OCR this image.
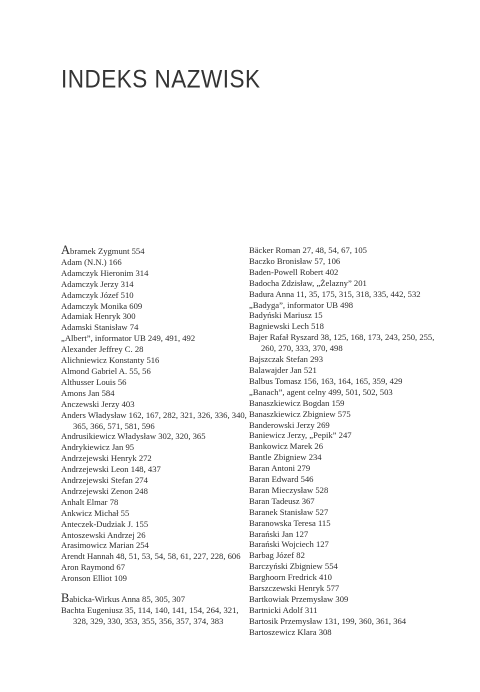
INDEKS NAZWISK
Abramek Zygmunt 554
Adam (N.N.) 166
Adamczyk Hieronim 314
Adamczyk Jerzy 314
Adamczyk Józef 510
Adamczyk Monika 609
Adamiak Henryk 300
Adamski Stanisław 74
„Albert”, informator UB 249, 491, 492
Alexander Jeffrey C. 28
Alichniewicz Konstanty 516
Almond Gabriel A. 55, 56
Althusser Louis 56
Amons Jan 584
Anczewski Jerzy 403
Anders Władysław 162, 167, 282, 321, 326, 336, 340, 365, 366, 571, 581, 596
Andrusikiewicz Władysław 302, 320, 365
Andrykiewicz Jan 95
Andrzejewski Henryk 272
Andrzejewski Leon 148, 437
Andrzejewski Stefan 274
Andrzejewski Zenon 248
Anhalt Elmar 78
Ankwicz Michał 55
Anteczek-Dudziak J. 155
Antoszewski Andrzej 26
Arasimowicz Marian 254
Arendt Hannah 48, 51, 53, 54, 58, 61, 227, 228, 606
Aron Raymond 67
Aronson Elliot 109
Babicka-Wirkus Anna 85, 305, 307
Bachta Eugeniusz 35, 114, 140, 141, 154, 264, 321, 328, 329, 330, 353, 355, 356, 357, 374, 383
Bäcker Roman 27, 48, 54, 67, 105
Baczko Bronisław 57, 106
Baden-Powell Robert 402
Badocha Zdzisław, „Żelazny” 201
Badura Anna 11, 35, 175, 315, 318, 335, 442, 532
„Badyga”, informator UB 498
Badyński Mariusz 15
Bagniewski Lech 518
Bajer Rafał Ryszard 38, 125, 168, 173, 243, 250, 255, 260, 270, 333, 370, 498
Bajszczak Stefan 293
Balawajder Jan 521
Balbus Tomasz 156, 163, 164, 165, 359, 429
„Banach”, agent celny 499, 501, 502, 503
Banaszkiewicz Bogdan 159
Banaszkiewicz Zbigniew 575
Banderowski Jerzy 269
Baniewicz Jerzy, „Pepik” 247
Bankowicz Marek 26
Bantle Zbigniew 234
Baran Antoni 279
Baran Edward 546
Baran Mieczysław 528
Baran Tadeusz 367
Baranek Stanisław 527
Baranowska Teresa 115
Barański Jan 127
Barański Wojciech 127
Barbag Józef 82
Barczyński Zbigniew 554
Barghoorn Fredrick 410
Barszczewski Henryk 577
Bartkowiak Przemysław 309
Bartnicki Adolf 311
Bartosik Przemysław 131, 199, 360, 361, 364
Bartoszewicz Klara 308
